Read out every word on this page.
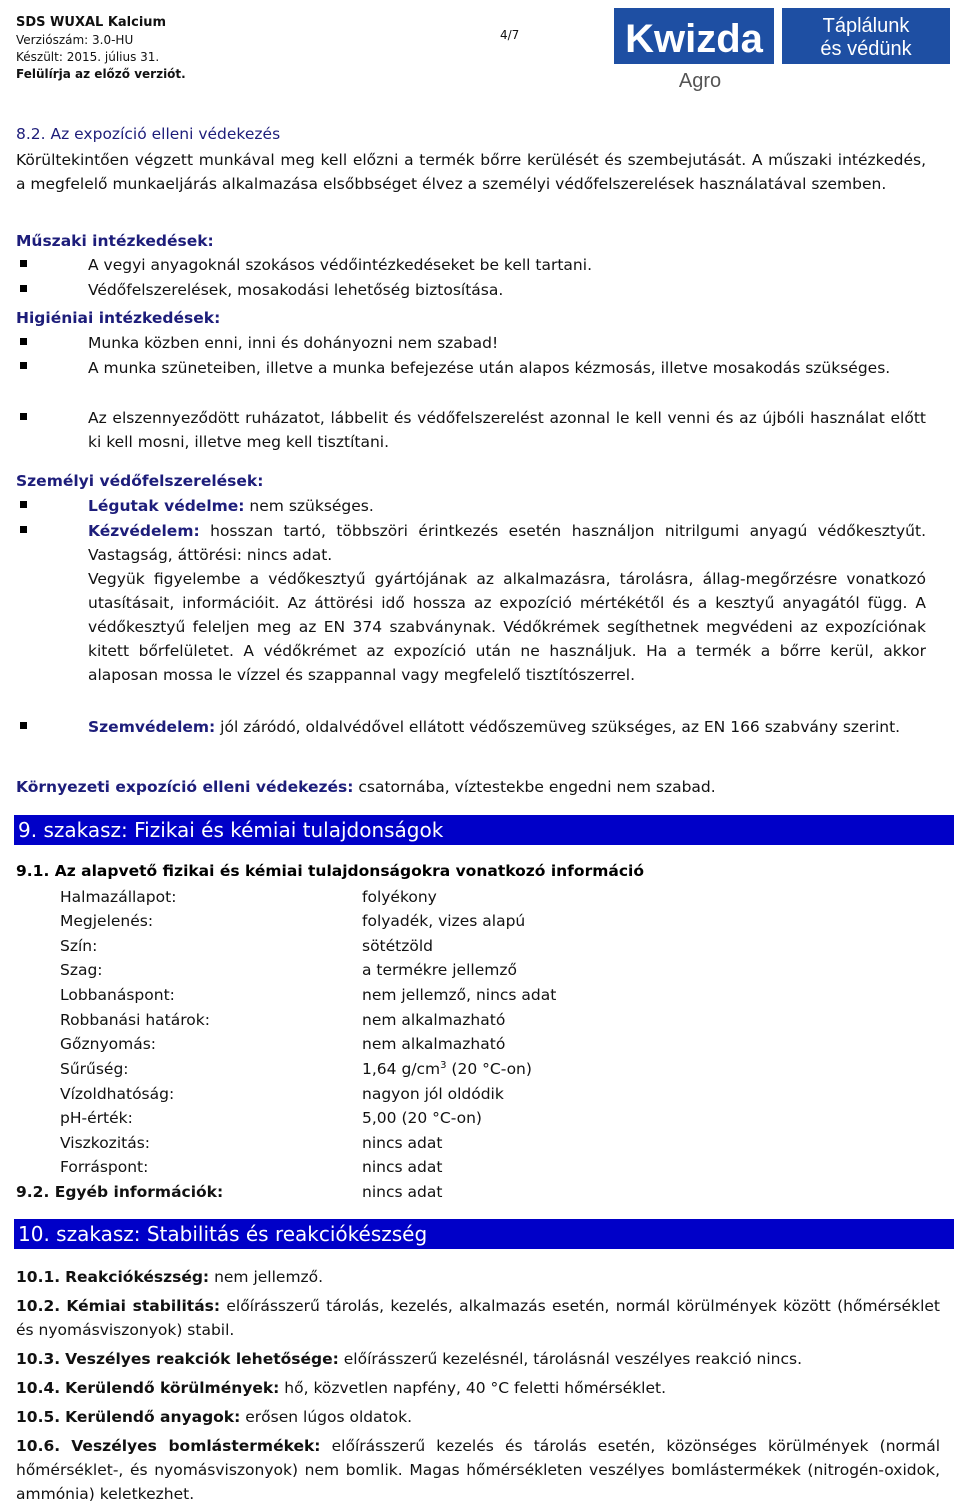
SDS WUXAL Kalcium
Verziószám: 3.0-HU
Készült: 2015. július 31.
Felülírja az előző verziót.
4/7	Kwizda	Táplálunk
és védünk
Agro
8.2. Az expozíció elleni védekezés
Körültekintően végzett munkával meg kell előzni a termék bőrre kerülését és szembejutását. A műszaki intézkedés, a megfelelő munkaeljárás alkalmazása elsőbbséget élvez a személyi védőfelszerelések használatával szemben.
Műszaki intézkedések:
A vegyi anyagoknál szokásos védőintézkedéseket be kell tartani.
Védőfelszerelések, mosakodási lehetőség biztosítása.
Higiéniai intézkedések:
Munka közben enni, inni és dohányozni nem szabad!
A munka szüneteiben, illetve a munka befejezése után alapos kézmosás, illetve mosakodás szükséges.
Az elszennyeződött ruházatot, lábbelit és védőfelszerelést azonnal le kell venni és az újbóli használat előtt ki kell mosni, illetve meg kell tisztítani.
Személyi védőfelszerelések:
Légutak védelme: nem szükséges.
Kézvédelem: hosszan tartó, többszöri érintkezés esetén használjon nitrilgumi anyagú védőkesztyűt. Vastagság, áttörési: nincs adat.
Vegyük figyelembe a védőkesztyű gyártójának az alkalmazásra, tárolásra, állag-megőrzésre vonatkozó utasításait, információit. Az áttörési idő hossza az expozíció mértékétől és a kesztyű anyagától függ. A védőkesztyű feleljen meg az EN 374 szabványnak. Védőkrémek segíthetnek megvédeni az expozíciónak kitett bőrfelületet. A védőkrémet az expozíció után ne használjuk. Ha a termék a bőrre kerül, akkor alaposan mossa le vízzel és szappannal vagy megfelelő tisztítószerrel.
Szemvédelem: jól záródó, oldalvédővel ellátott védőszemüveg szükséges, az EN 166 szabvány szerint.
Környezeti expozíció elleni védekezés: csatornába, víztestekbe engedni nem szabad.
9. szakasz: Fizikai és kémiai tulajdonságok
9.1. Az alapvető fizikai és kémiai tulajdonságokra vonatkozó információ
Halmazállapot:	folyékony
Megjelenés:	folyadék, vizes alapú
Szín:	sötétzöld
Szag:	a termékre jellemző
Lobbanáspont:	nem jellemző, nincs adat
Robbanási határok:	nem alkalmazható
Gőznyomás:	nem alkalmazható
Sűrűség:	1,64 $g/cm^3$ (20 °C-on)
Vízoldhatóság:	nagyon jól oldódik
pH-érték:	5,00 (20 °C-on)
Viszkozitás:	nincs adat
Forráspont:	nincs adat
9.2. Egyéb információk:	nincs adat
10. szakasz: Stabilitás és reakciókészség
10.1. Reakciókészség: nem jellemző.
10.2. Kémiai stabilitás: előírásszerű tárolás, kezelés, alkalmazás esetén, normál körülmények között (hőmérséklet és nyomásviszonyok) stabil.
10.3. Veszélyes reakciók lehetősége: előírásszerű kezelésnél, tárolásnál veszélyes reakció nincs.
10.4. Kerülendő körülmények: hő, közvetlen napfény, 40 °C feletti hőmérséklet.
10.5. Kerülendő anyagok: erősen lúgos oldatok.
10.6. Veszélyes bomlástermékek: előírásszerű kezelés és tárolás esetén, közönséges körülmények (normál hőmérséklet-, és nyomásviszonyok) nem bomlik. Magas hőmérsékleten veszélyes bomlástermékek (nitrogén-oxidok, ammónia) keletkezhet.
